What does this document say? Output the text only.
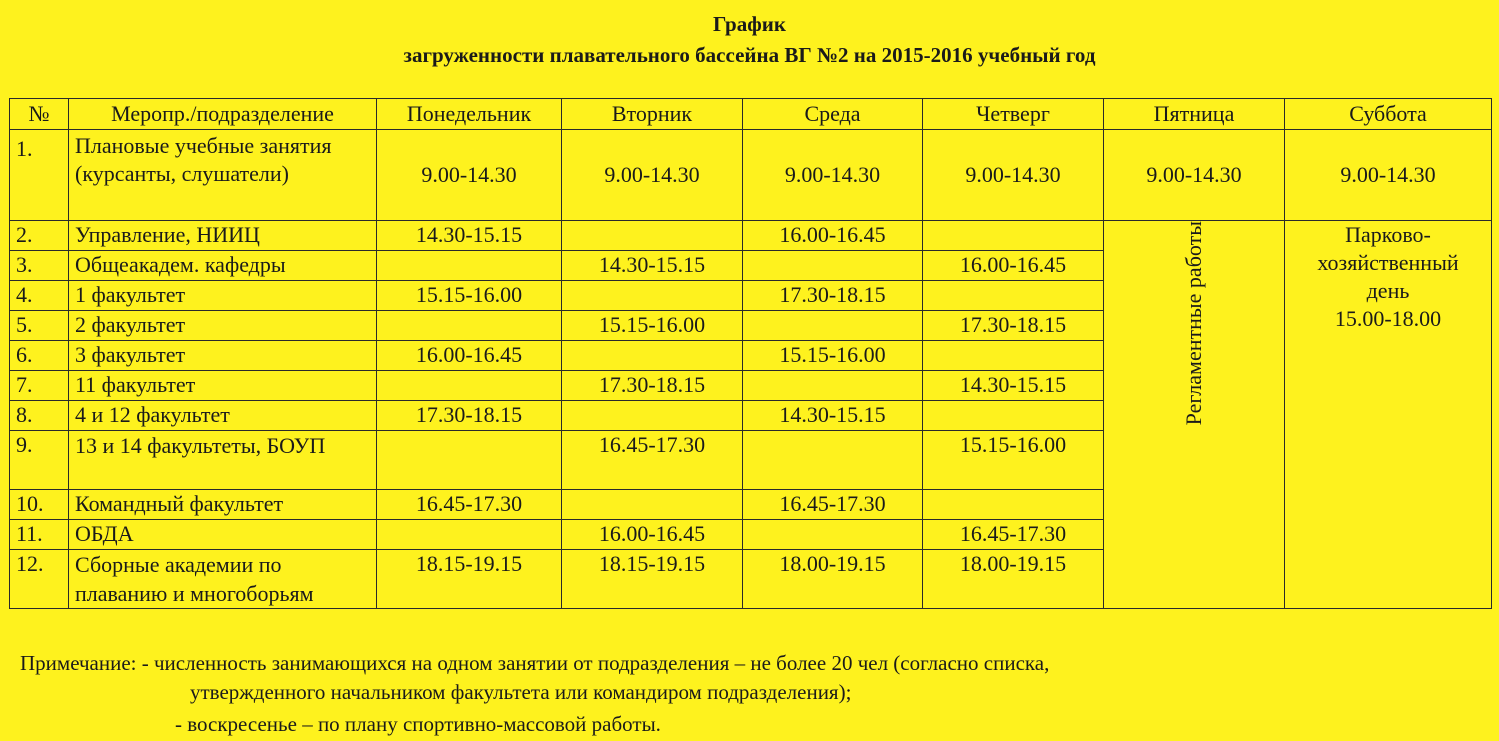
График
загруженности плавательного бассейна ВГ №2 на 2015-2016 учебный год
№	Меропр./подразделение	Понедельник	Вторник	Среда	Четверг	Пятница	Суббота
1.	Плановые учебные занятия (курсанты, слушатели)	9.00-14.30	9.00-14.30	9.00-14.30	9.00-14.30	9.00-14.30	9.00-14.30
2.	Управление, НИИЦ	14.30-15.15		16.00-16.45		Регламентные работы	Парково-
хозяйственный
день
15.00-18.00

3.	Общеакадем. кафедры		14.30-15.15		16.00-16.45		
4.	1 факультет	15.15-16.00		17.30-18.15			
5.	2 факультет		15.15-16.00		17.30-18.15		
6.	3 факультет	16.00-16.45		15.15-16.00			
7.	11 факультет		17.30-18.15		14.30-15.15		
8.	4 и 12 факультет	17.30-18.15		14.30-15.15			
9.	13 и 14 факультеты, БОУП		16.45-17.30		15.15-16.00		
10.	Командный факультет	16.45-17.30		16.45-17.30			
11.	ОБДА		16.00-16.45		16.45-17.30		
12.	Сборные академии по плаванию и многоборьям	18.15-19.15	18.15-19.15	18.00-19.15	18.00-19.15		
Примечание: - численность занимающихся на одном занятии от подразделения – не более 20 чел (согласно списка,
утвержденного начальником факультета или командиром подразделения);
- воскресенье – по плану спортивно-массовой работы.
